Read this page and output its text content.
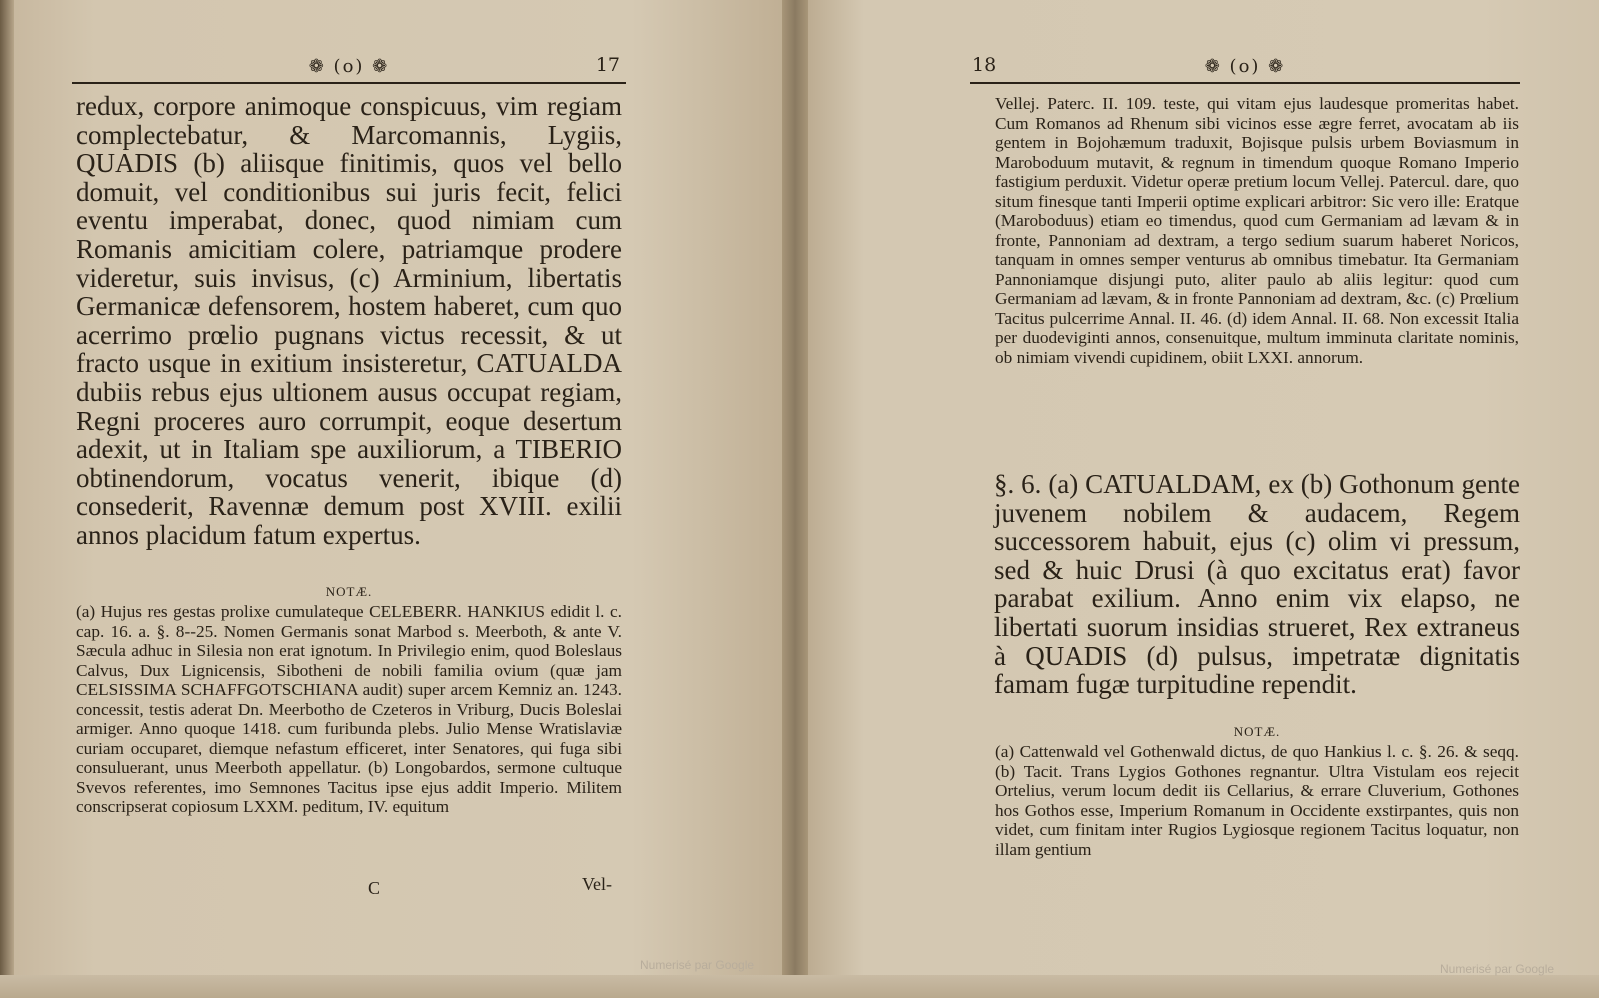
❁ (o) ❁	17
redux, corpore animoque conspicuus, vim regiam complectebatur, & Marcomannis, Lygiis, QUADIS (b) aliisque finitimis, quos vel bello domuit, vel conditionibus sui juris fecit, felici eventu imperabat, donec, quod nimiam cum Romanis amicitiam colere, patriamque prodere videretur, suis invisus, (c) Arminium, libertatis Germanicæ defensorem, hostem haberet, cum quo acerrimo prœlio pugnans victus recessit, & ut fracto usque in exitium insisteretur, CATUALDA dubiis rebus ejus ultionem ausus occupat regiam, Regni proceres auro corrumpit, eoque desertum adexit, ut in Italiam spe auxiliorum, a TIBERIO obtinendorum, vocatus venerit, ibique (d) consederit, Ravennæ demum post XVIII. exilii annos placidum fatum expertus.
NOTÆ.
(a) Hujus res gestas prolixe cumulateque CELEBERR. HANKIUS edidit l. c. cap. 16. a. §. 8--25. Nomen Germanis sonat Marbod s. Meerboth, & ante V. Sæcula adhuc in Silesia non erat ignotum. In Privilegio enim, quod Boleslaus Calvus, Dux Lignicensis, Sibotheni de nobili familia ovium (quæ jam CELSISSIMA SCHAFFGOTSCHIANA audit) super arcem Kemniz an. 1243. concessit, testis aderat Dn. Meerbotho de Czeteros in Vriburg, Ducis Boleslai armiger. Anno quoque 1418. cum furibunda plebs. Julio Mense Wratislaviæ curiam occuparet, diemque nefastum efficeret, inter Senatores, qui fuga sibi consuluerant, unus Meerboth appellatur. (b) Longobardos, sermone cultuque Svevos referentes, imo Semnones Tacitus ipse ejus addit Imperio. Militem conscripserat copiosum LXXM. peditum, IV. equitum
C	Vel-
18	❁ (o) ❁
Vellej. Paterc. II. 109. teste, qui vitam ejus laudesque promeritas habet. Cum Romanos ad Rhenum sibi vicinos esse ægre ferret, avocatam ab iis gentem in Bojohæmum traduxit, Bojisque pulsis urbem Boviasmum in Maroboduum mutavit, & regnum in timendum quoque Romano Imperio fastigium perduxit. Videtur operæ pretium locum Vellej. Patercul. dare, quo situm finesque tanti Imperii optime explicari arbitror: Sic vero ille: Eratque (Maroboduus) etiam eo timendus, quod cum Germaniam ad lævam & in fronte, Pannoniam ad dextram, a tergo sedium suarum haberet Noricos, tanquam in omnes semper venturus ab omnibus timebatur. Ita Germaniam Pannoniamque disjungi puto, aliter paulo ab aliis legitur: quod cum Germaniam ad lævam, & in fronte Pannoniam ad dextram, &c. (c) Prœlium Tacitus pulcerrime Annal. II. 46. (d) idem Annal. II. 68. Non excessit Italia per duodeviginti annos, consenuitque, multum imminuta claritate nominis, ob nimiam vivendi cupidinem, obiit LXXI. annorum.
§. 6. (a) CATUALDAM, ex (b) Gothonum gente juvenem nobilem & audacem, Regem successorem habuit, ejus (c) olim vi pressum, sed & huic Drusi (à quo excitatus erat) favor parabat exilium. Anno enim vix elapso, ne libertati suorum insidias strueret, Rex extraneus à QUADIS (d) pulsus, impetratæ dignitatis famam fugæ turpitudine rependit.
NOTÆ.
(a) Cattenwald vel Gothenwald dictus, de quo Hankius l. c. §. 26. & seqq. (b) Tacit. Trans Lygios Gothones regnantur. Ultra Vistulam eos rejecit Ortelius, verum locum dedit iis Cellarius, & errare Cluverium, Gothones hos Gothos esse, Imperium Romanum in Occidente exstirpantes, quis non videt, cum finitam inter Rugios Lygiosque regionem Tacitus loquatur, non illam gentium
Numerisé par Google	Numerisé par Google
